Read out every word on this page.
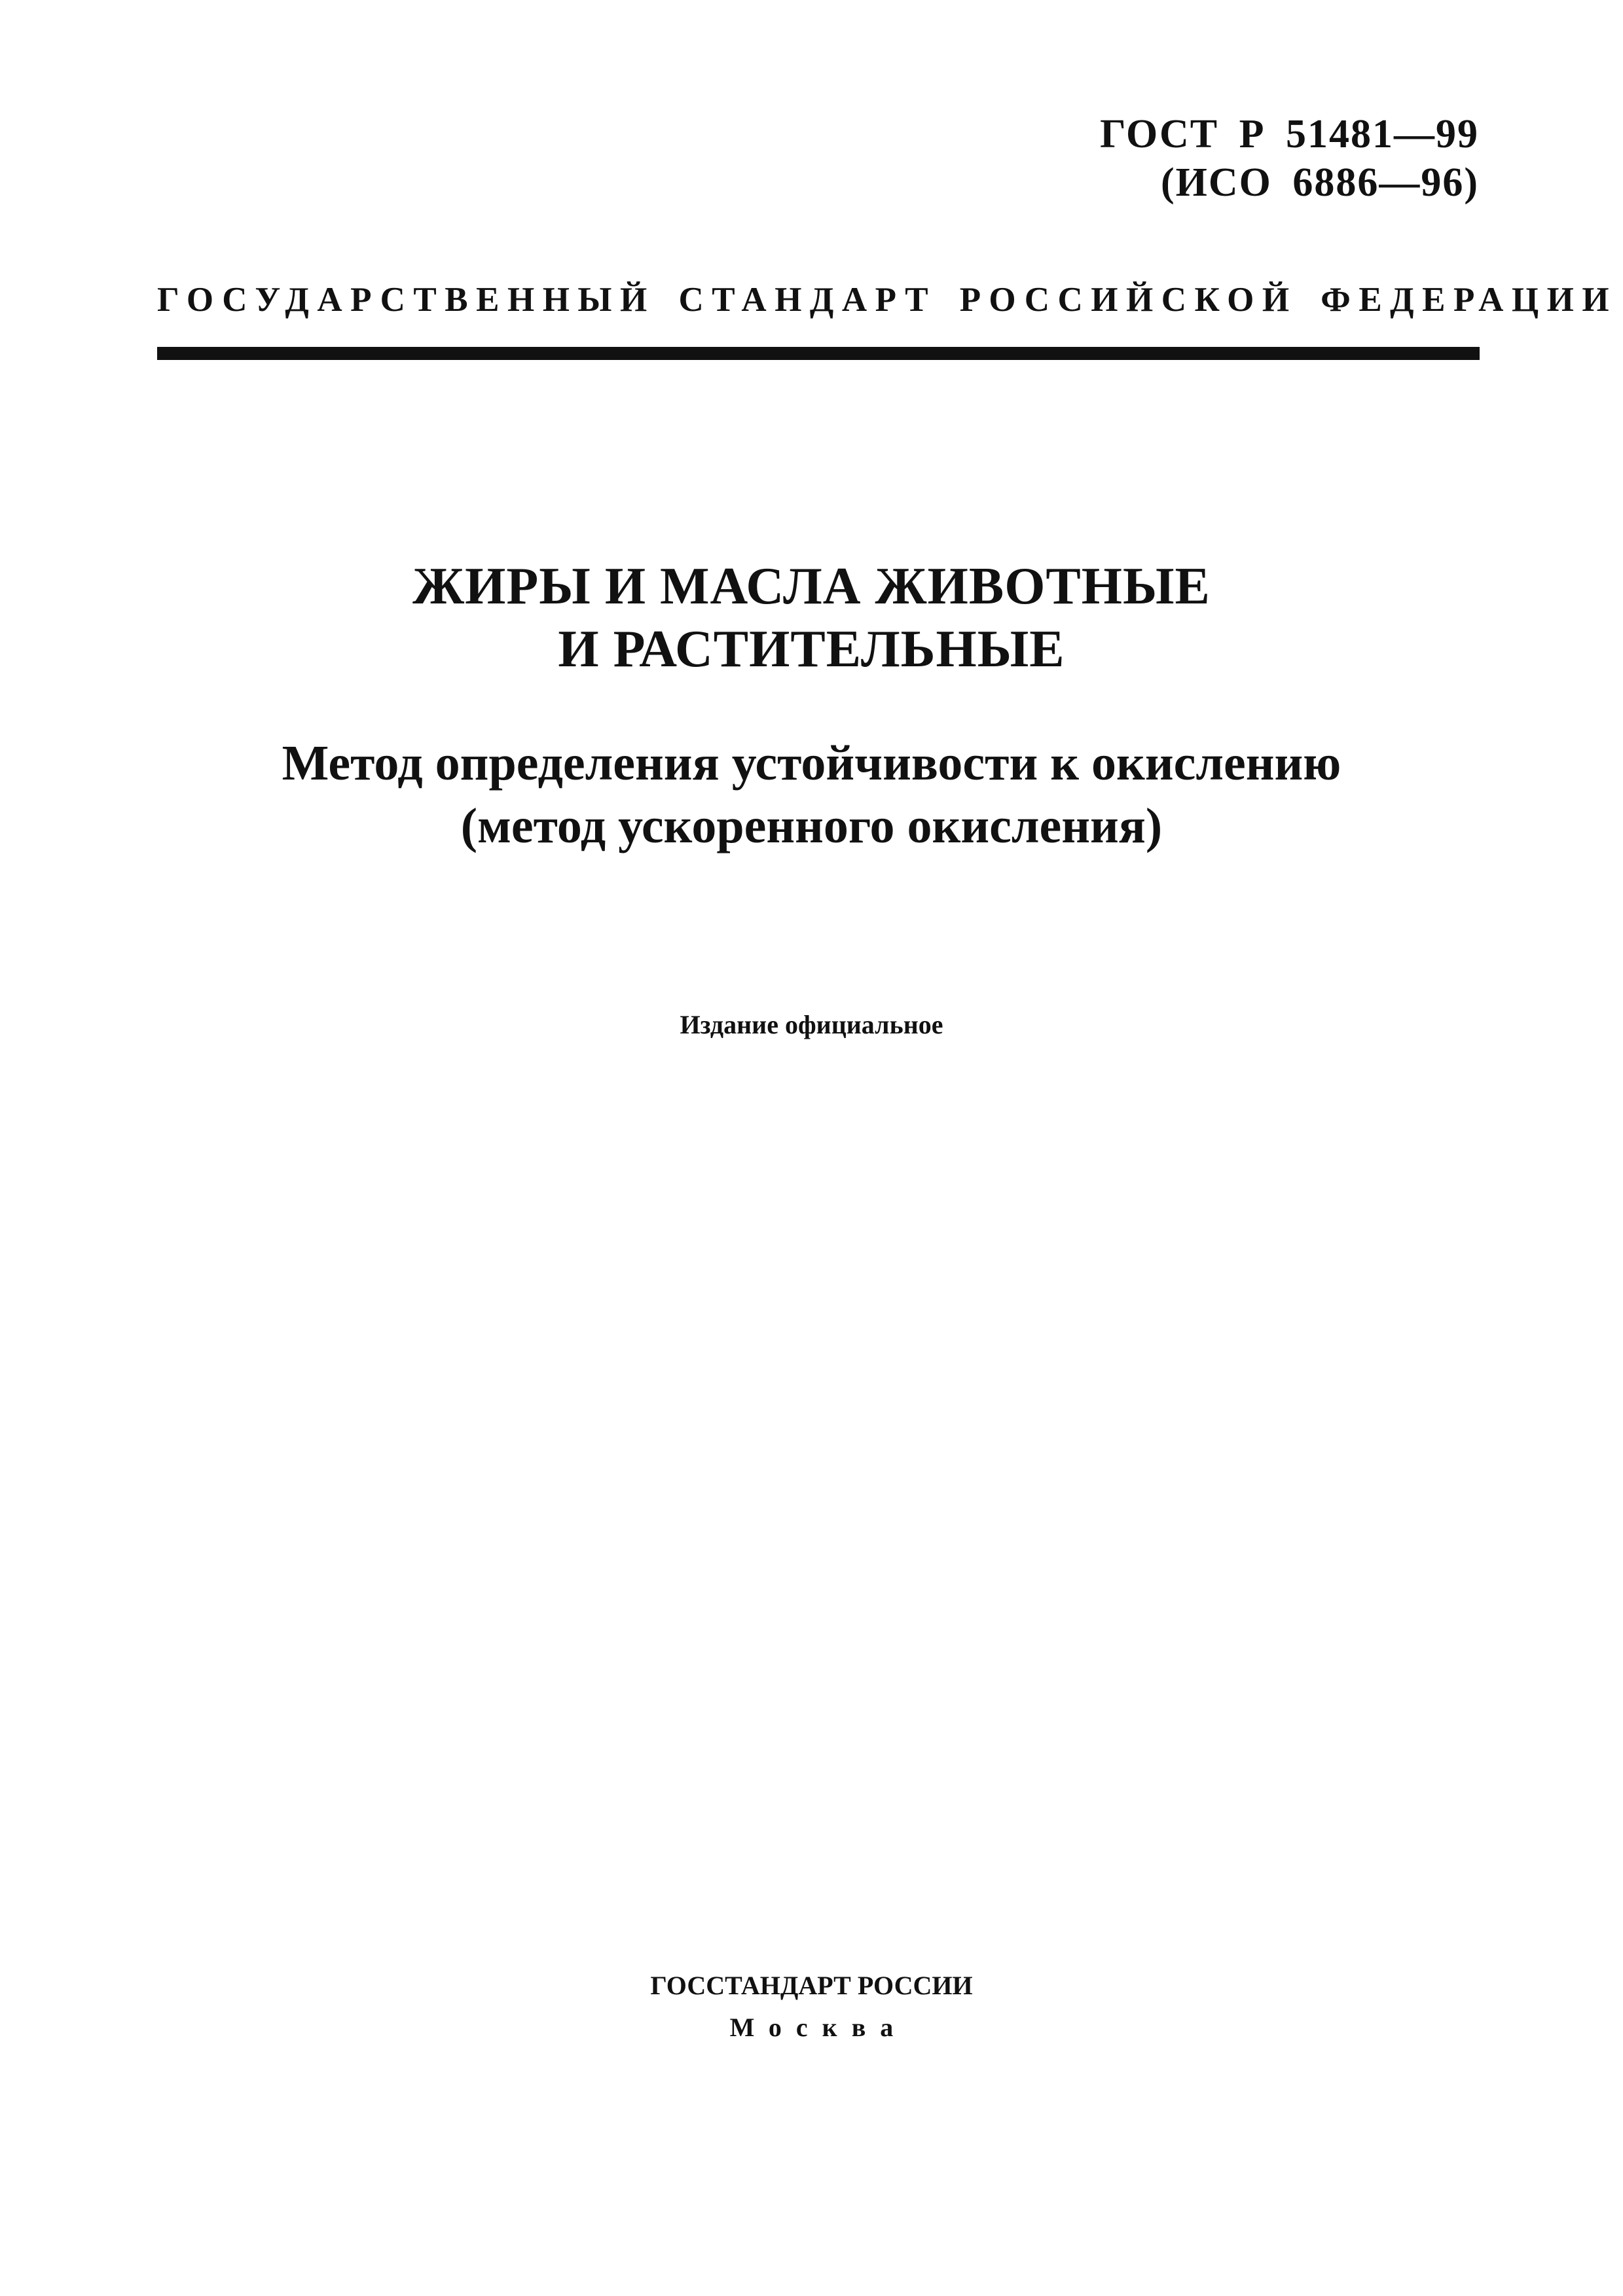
ГОСТ Р 51481—99
(ИСО 6886—96)
ГОСУДАРСТВЕННЫЙ СТАНДАРТ РОССИЙСКОЙ ФЕДЕРАЦИИ
ЖИРЫ И МАСЛА ЖИВОТНЫЕ
И РАСТИТЕЛЬНЫЕ
Метод определения устойчивости к окислению
(метод ускоренного окисления)
Издание официальное
ГОССТАНДАРТ РОССИИ
Москва
